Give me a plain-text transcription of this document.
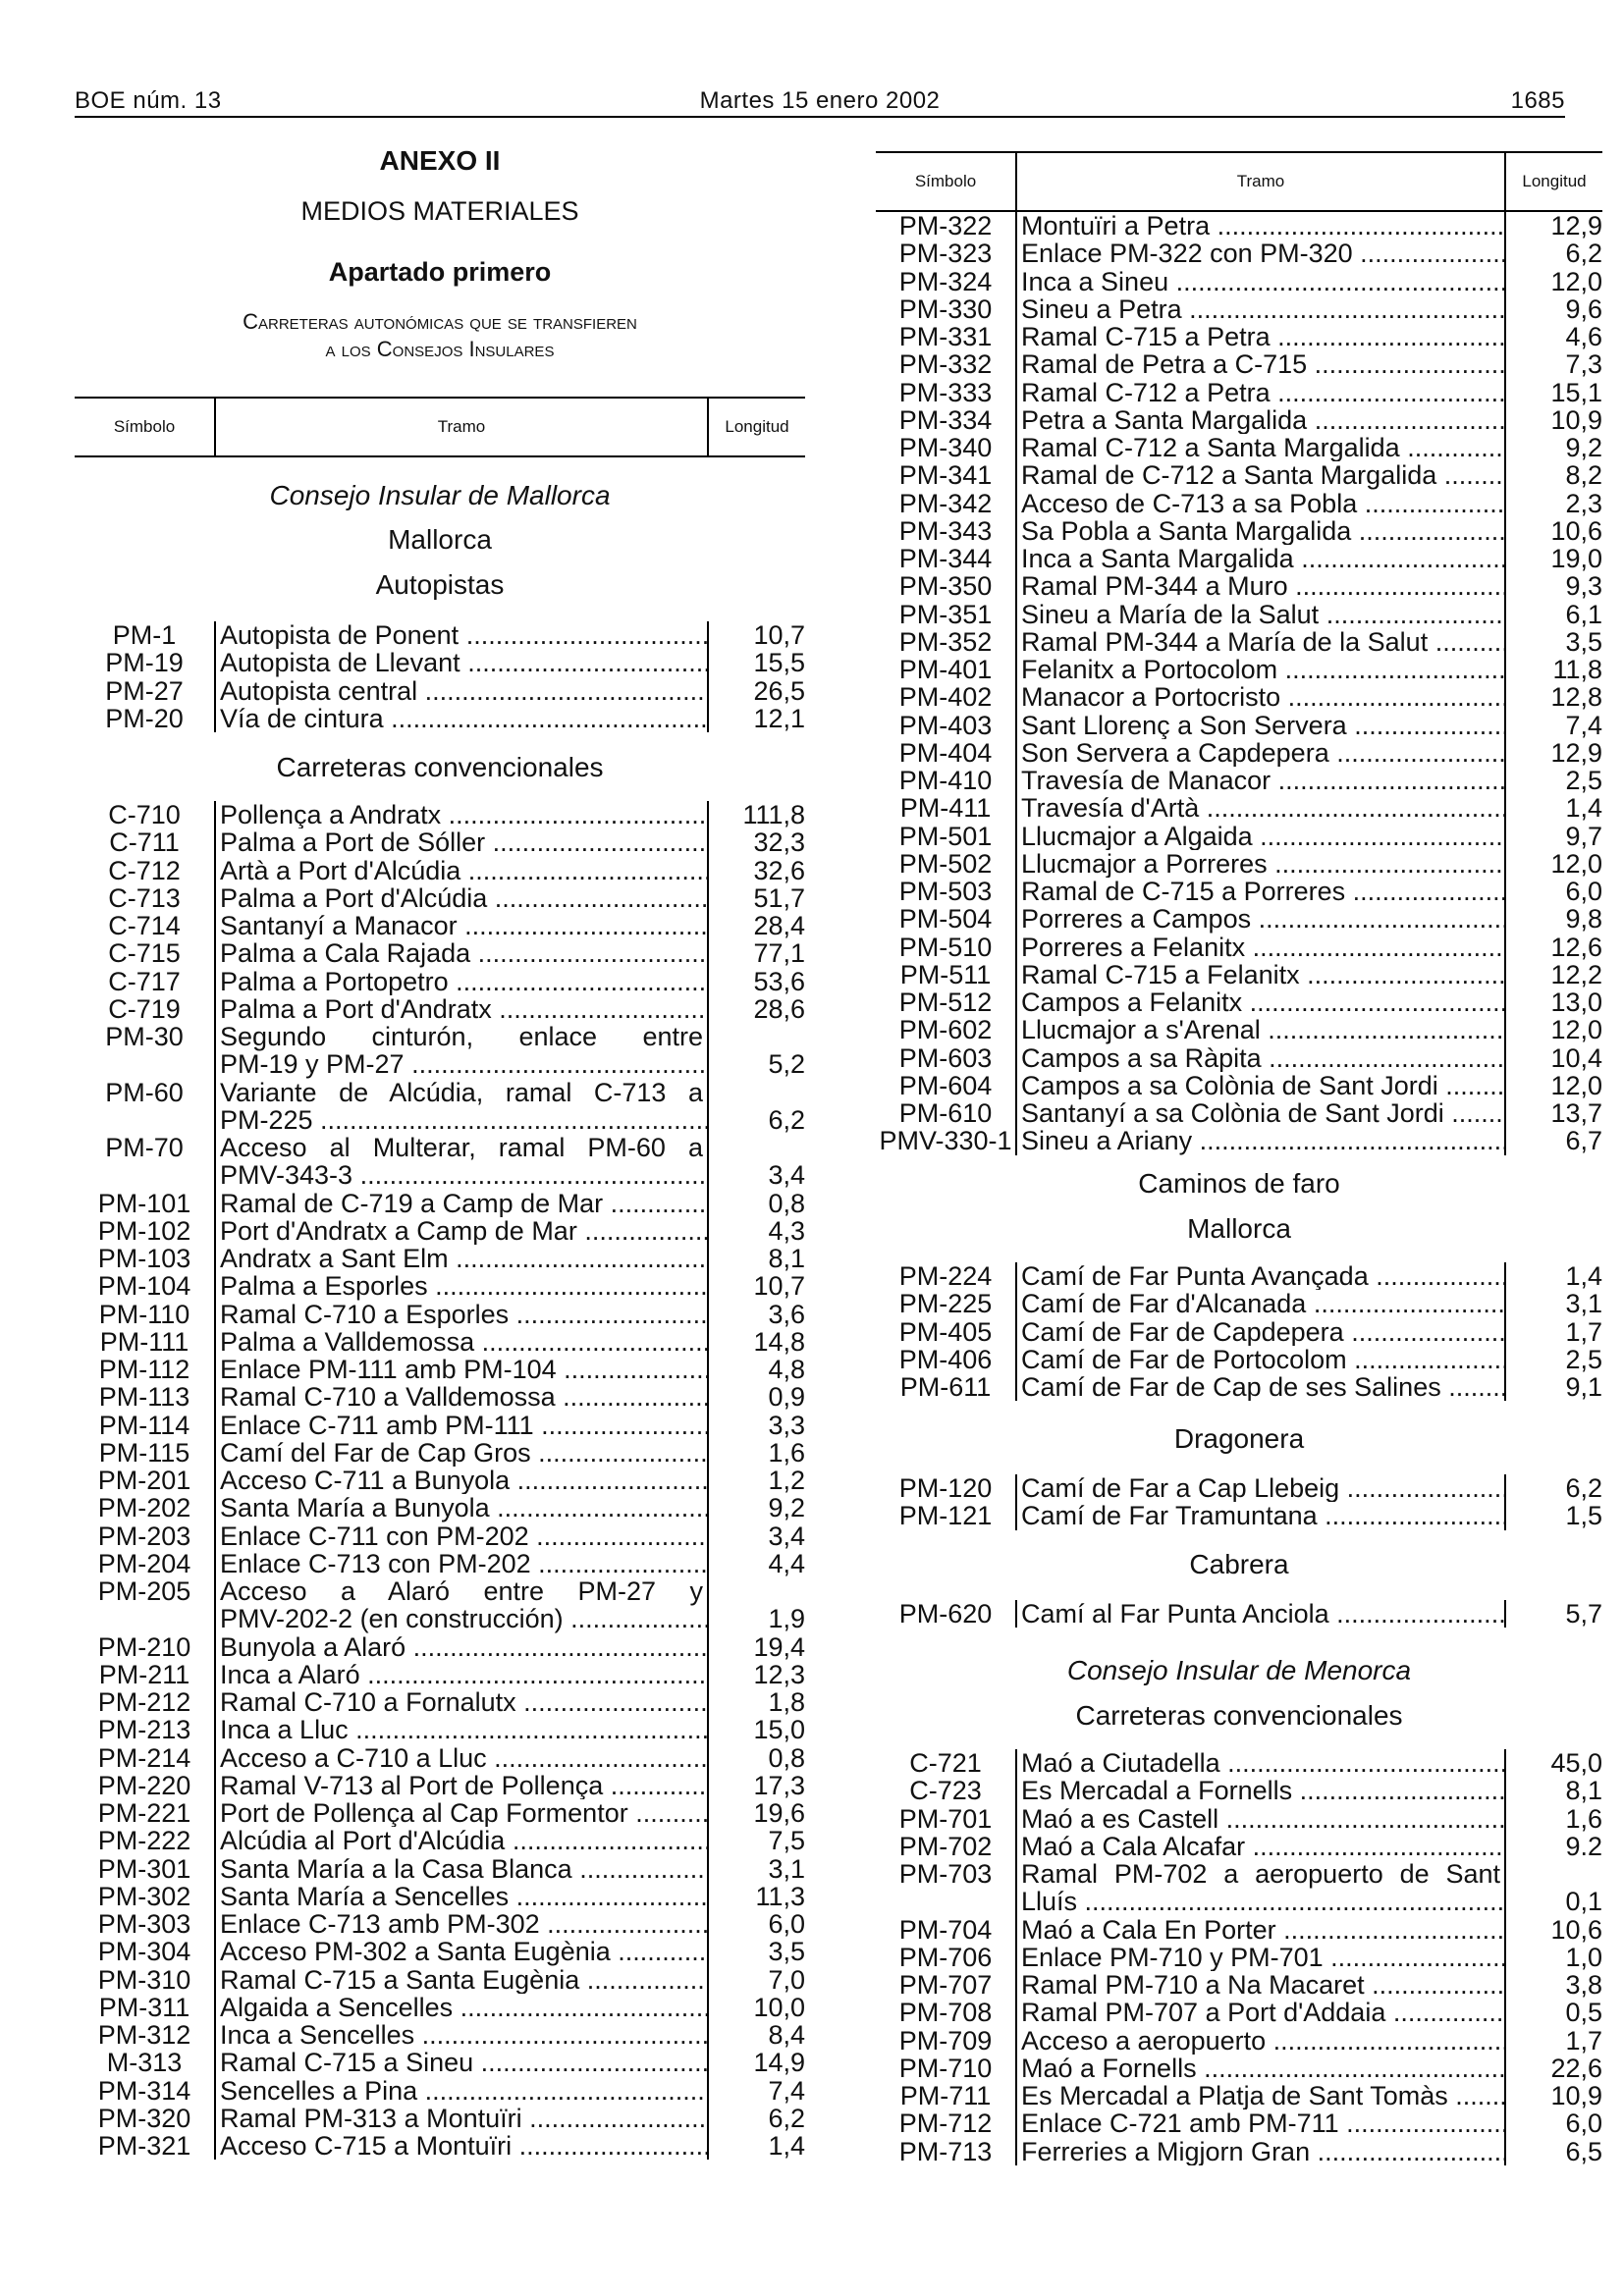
BOE núm. 13	Martes 15 enero 2002	1685
ANEXO II
MEDIOS MATERIALES
Apartado primero
Carreteras autonómicas que se transfieren
a los Consejos Insulares
Símbolo	Tramo	Longitud
Consejo Insular de Mallorca
Mallorca
Autopistas
PM-1	Autopista de Ponent .....	10,7
PM-19	Autopista de Llevant .....	15,5
PM-27	Autopista central .....	26,5
PM-20	Vía de cintura .....	12,1
Carreteras convencionales
C-710	Pollença a Andratx .....	111,8
C-711	Palma a Port de Sóller .....	32,3
C-712	Artà a Port d'Alcúdia .....	32,6
C-713	Palma a Port d'Alcúdia .....	51,7
C-714	Santanyí a Manacor .....	28,4
C-715	Palma a Cala Rajada .....	77,1
C-717	Palma a Portopetro .....	53,6
C-719	Palma a Port d'Andratx .....	28,6
PM-30	Segundo cinturón, enlace entre
PM-19 y PM-27 .....	5,2
PM-60	Variante de Alcúdia, ramal C-713 a
PM-225 .....	6,2
PM-70	Acceso al Multerar, ramal PM-60 a
PMV-343-3 .....	3,4
PM-101	Ramal de C-719 a Camp de Mar .....	0,8
PM-102	Port d'Andratx a Camp de Mar .....	4,3
PM-103	Andratx a Sant Elm .....	8,1
PM-104	Palma a Esporles .....	10,7
PM-110	Ramal C-710 a Esporles .....	3,6
PM-111	Palma a Valldemossa .....	14,8
PM-112	Enlace PM-111 amb PM-104 .....	4,8
PM-113	Ramal C-710 a Valldemossa .....	0,9
PM-114	Enlace C-711 amb PM-111 .....	3,3
PM-115	Camí del Far de Cap Gros .....	1,6
PM-201	Acceso C-711 a Bunyola .....	1,2
PM-202	Santa María a Bunyola .....	9,2
PM-203	Enlace C-711 con PM-202 .....	3,4
PM-204	Enlace C-713 con PM-202 .....	4,4
PM-205	Acceso a Alaró entre PM-27 y
PMV-202-2 (en construcción) .....	1,9
PM-210	Bunyola a Alaró .....	19,4
PM-211	Inca a Alaró .....	12,3
PM-212	Ramal C-710 a Fornalutx .....	1,8
PM-213	Inca a Lluc .....	15,0
PM-214	Acceso a C-710 a Lluc .....	0,8
PM-220	Ramal V-713 al Port de Pollença .....	17,3
PM-221	Port de Pollença al Cap Formentor .....	19,6
PM-222	Alcúdia al Port d'Alcúdia .....	7,5
PM-301	Santa María a la Casa Blanca .....	3,1
PM-302	Santa María a Sencelles .....	11,3
PM-303	Enlace C-713 amb PM-302 .....	6,0
PM-304	Acceso PM-302 a Santa Eugènia .....	3,5
PM-310	Ramal C-715 a Santa Eugènia .....	7,0
PM-311	Algaida a Sencelles .....	10,0
PM-312	Inca a Sencelles .....	8,4
M-313	Ramal C-715 a Sineu .....	14,9
PM-314	Sencelles a Pina .....	7,4
PM-320	Ramal PM-313 a Montuïri .....	6,2
PM-321	Acceso C-715 a Montuïri .....	1,4
Símbolo	Tramo	Longitud
PM-322	Montuïri a Petra .....	12,9
PM-323	Enlace PM-322 con PM-320 .....	6,2
PM-324	Inca a Sineu .....	12,0
PM-330	Sineu a Petra .....	9,6
PM-331	Ramal C-715 a Petra .....	4,6
PM-332	Ramal de Petra a C-715 .....	7,3
PM-333	Ramal C-712 a Petra .....	15,1
PM-334	Petra a Santa Margalida .....	10,9
PM-340	Ramal C-712 a Santa Margalida .....	9,2
PM-341	Ramal de C-712 a Santa Margalida .....	8,2
PM-342	Acceso de C-713 a sa Pobla .....	2,3
PM-343	Sa Pobla a Santa Margalida .....	10,6
PM-344	Inca a Santa Margalida .....	19,0
PM-350	Ramal PM-344 a Muro .....	9,3
PM-351	Sineu a María de la Salut .....	6,1
PM-352	Ramal PM-344 a María de la Salut .....	3,5
PM-401	Felanitx a Portocolom .....	11,8
PM-402	Manacor a Portocristo .....	12,8
PM-403	Sant Llorenç a Son Servera .....	7,4
PM-404	Son Servera a Capdepera .....	12,9
PM-410	Travesía de Manacor .....	2,5
PM-411	Travesía d'Artà .....	1,4
PM-501	Llucmajor a Algaida .....	9,7
PM-502	Llucmajor a Porreres .....	12,0
PM-503	Ramal de C-715 a Porreres .....	6,0
PM-504	Porreres a Campos .....	9,8
PM-510	Porreres a Felanitx .....	12,6
PM-511	Ramal C-715 a Felanitx .....	12,2
PM-512	Campos a Felanitx .....	13,0
PM-602	Llucmajor a s'Arenal .....	12,0
PM-603	Campos a sa Ràpita .....	10,4
PM-604	Campos a sa Colònia de Sant Jordi .....	12,0
PM-610	Santanyí a sa Colònia de Sant Jordi .....	13,7
PMV-330-1 Sineu a Ariany .....	6,7
Caminos de faro
Mallorca
PM-224	Camí de Far Punta Avançada .....	1,4
PM-225	Camí de Far d'Alcanada .....	3,1
PM-405	Camí de Far de Capdepera .....	1,7
PM-406	Camí de Far de Portocolom .....	2,5
PM-611	Camí de Far de Cap de ses Salines .....	9,1
Dragonera
PM-120	Camí de Far a Cap Llebeig .....	6,2
PM-121	Camí de Far Tramuntana .....	1,5
Cabrera
PM-620	Camí al Far Punta Anciola .....	5,7
Consejo Insular de Menorca
Carreteras convencionales
C-721	Maó a Ciutadella .....	45,0
C-723	Es Mercadal a Fornells .....	8,1
PM-701	Maó a es Castell .....	1,6
PM-702	Maó a Cala Alcafar .....	9.2
PM-703	Ramal PM-702 a aeropuerto de Sant
Lluís .....	0,1
PM-704	Maó a Cala En Porter .....	10,6
PM-706	Enlace PM-710 y PM-701 .....	1,0
PM-707	Ramal PM-710 a Na Macaret .....	3,8
PM-708	Ramal PM-707 a Port d'Addaia .....	0,5
PM-709	Acceso a aeropuerto .....	1,7
PM-710	Maó a Fornells .....	22,6
PM-711	Es Mercadal a Platja de Sant Tomàs .....	10,9
PM-712	Enlace C-721 amb PM-711 .....	6,0
PM-713	Ferreries a Migjorn Gran .....	6,5
